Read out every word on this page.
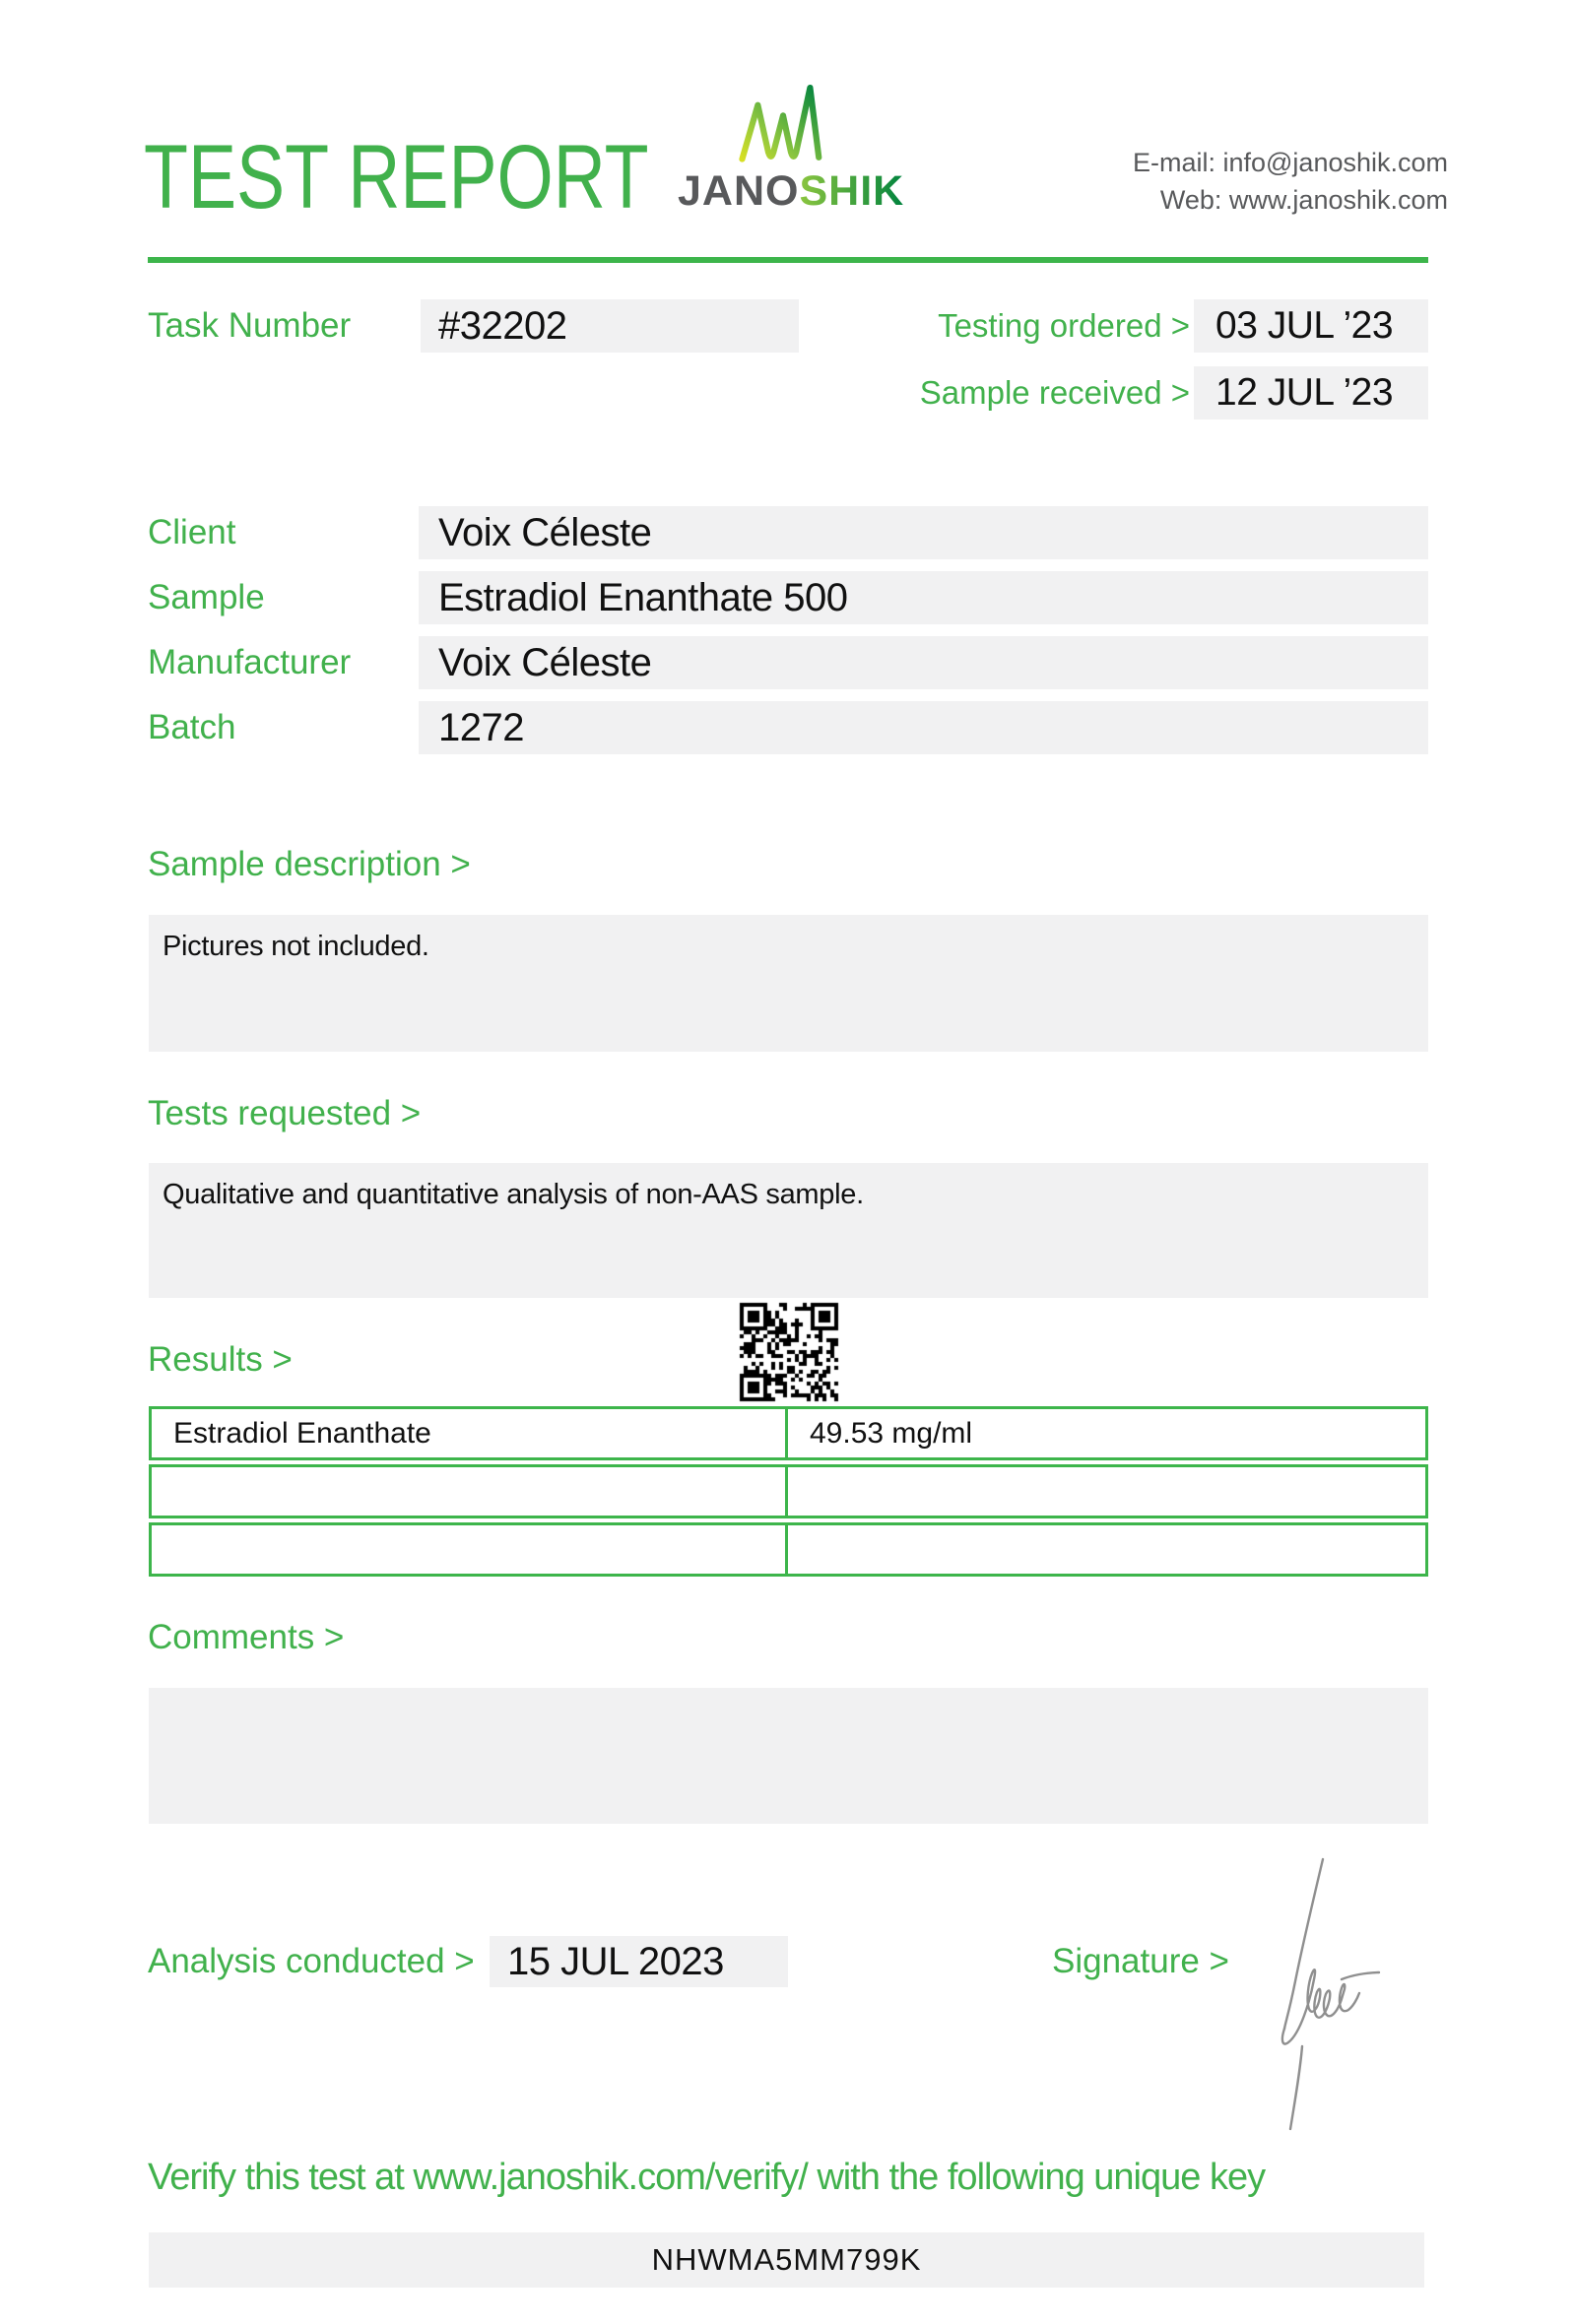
TEST REPORT JANOSHIK
E-mail: info@janoshik.com
Web: www.janoshik.com
Task Number #32202	Testing ordered > 03 JUL ’23
Sample received > 12 JUL ’23
Client	Voix Céleste
Sample	Estradiol Enanthate 500
Manufacturer Voix Céleste
Batch	1272
Sample description >
Pictures not included.
Tests requested >
Qualitative and quantitative analysis of non-AAS sample.
Results >
Estradiol Enanthate	49.53 mg/ml
Comments >
Analysis conducted > 15 JUL 2023	Signature >
Verify this test at www.janoshik.com/verify/ with the following unique key
NHWMA5MM799K
